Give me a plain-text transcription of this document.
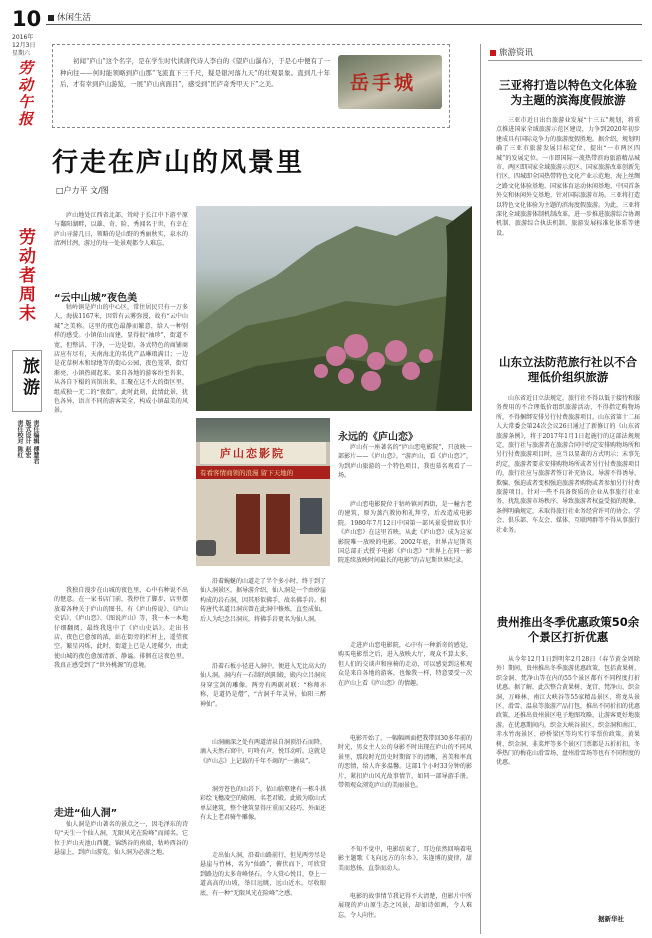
10 休闲生活
2016年
12月3日
星期六
劳动午报
劳动者周末
旅游
责任编辑 傅慧君
版式设计 赵宏
责任校对 陈红
初闻“庐山”这个名字，是在学生时代读唐代诗人李白的《望庐山瀑布》，于是心中便有了一种向往——何时能领略到庐山那“飞流直下三千尺，疑是银河落九天”的壮观景象。直到几十年后，才有幸到庐山游览，一展“庐山真面目”，感受到“匡庐奇秀甲天下”之美。	岳手城
行走在庐山的风景里
□户力平 文/图
庐山地处江西省北部，耸峙于长江中下游平原与鄱阳湖畔，以雄、奇、险、秀闻名于世，有幸在庐山寻游几日，领略的是山野的秀丽秋实，泉水的清冽甘洌，游过的每一处景观都令人难忘。
“云中山城”夜色美
牯岭镇是庐山的中心区，常住居民只有一万多人，海拔1167米，因常有云雾弥漫，故有“云中山城”之美称。这里的夜色最静而繁意，给人一种别样的感受。小镇依山而建，显得很“袖珍”，街道不宽，但整洁、干净，一边是街，各式特色的商铺商店应有尽有，天南海北的名优产品琳琅满目；一边是花草树木和绿地等的街心公园，夜色笼罩，街灯渐亮，小镇热闹起来。来自各地的游客纷至沓来，从各自下榻的宾馆出来，汇聚在这不大的街区里，组成独一无二的“夜街”，此时此刻，此情此景，犹色各异，语言不同的游客笑全，构成小镇最美的风景。
我独自漫步在山城的夜色里，心中有种说不出的惬意。在一家书店门前，我停住了脚步，店里摆放着各种关于庐山的图书，有《庐山传说》、《庐山史话》、《庐山恋》、《图说庐山》等，我一本一本地仔细翻阅，最终我选中了《庐山史话》。走出书店，夜色已愈加的浓，站在街旁的栏杆上，遥望夜空，繁星闪烁，此时，街道上已是人迹稀少，由此使山城的夜色愈加清新、静谧。徘徊在这夜色里，我真正感受到了“世外桃源”的意境。
走进“仙人洞”
仙人洞是庐山著名的景点之一，因毛泽东的诗句“天生一个仙人洞，无限风光在险峰”而闻名。它位于庐山天池山西麓，锦绣谷的南端，牯岭西谷的悬崖上，到庐山游览，仙人洞为必游之地。
庐山恋影院
有看客情商领的浪漫 留下天地的
沿着蜿蜒的山道走了半个多小时，终于到了仙人洞景区。据导游介绍，仙人洞是一个由砂崖构成的岩石洞，因其形似佛手，故名佛手岩。相传唐代名道吕洞宾曾在此洞中修炼，直至成仙，后人为纪念吕洞宾，将佛手岩更名为仙人洞。
沿着石板小径进入洞中，便进入无比高大的仙人洞。洞内有一石制的纯阳殿，殿内立吕洞宾身穿宝剑的雕像。两旁有两副对联：“称师亦称，是道仍是僧”，“古洞千年灵异，仙阳三醉神仙”。
山洞幽深之处有两道清泉自洞顶沿石而降，滴入天然石窝中，叮咚有声，悦耳动听。这就是《庐山志》上记载的千年不竭的“一滴泉”。
洞旁苍色的山岩下，依山临壑建有一栋斗拱彩绘飞檐凌空的殿阁，名老君殿。此殿为歇山式单层建筑，整个建筑显得庄重而又轻巧，外面还有太上老君骑牛雕像。
走出仙人洞，沿着山路前行，但见两旁尽是悬崖与竹林，名为“仙路”，俯伏而下，可欣赏到路边的太多奇峰怪石，令人赏心悦目，登上一道高高的山坡，举目远眺，远山近水，尽收眼底，有一种“无限风光在险峰”之感。
永远的《庐山恋》
庐山有一座著名的“庐山恋电影院”，只放映一部影片——《庐山恋》。“游庐山，看《庐山恋》”，为到庐山旅游的一个特色项目，我也慕名观看了一场。
庐山恋电影院位于牯岭镇河西街，是一幢古老的建筑，原为蒸汽教协和礼拜堂，后改造成电影院。1980年7月12日中国第一部风景爱情故事片《庐山恋》在这里首映，从此《庐山恋》成为这家影院唯一放映的电影。2002年底，世界吉尼斯英国总部正式授予电影《庐山恋》“世界上在同一影院连续放映时间最长的电影”的吉尼斯世界纪录。
走进庐山恋电影院，心中有一种新奇的感觉，购买电影票之后，进入放映大厅，观众不算太多，但人们的交谈声和座椅的走动，可以感觉到这栋观众是来自各地的游客，也像我一样，特意要受一次在庐山上看《庐山恋》的情趣。
电影开始了，一幅幅画面把我带回30多年前的时光，男女主人公的身影不时出现在庐山的不同风景里，那段时光历史时期留下的清晰，善美和率真的恋情，给人许多温馨。这部1个小时33分钟的影片，紧扣庐山风光故事情节，如同一部导游手册，带领观众浏览庐山的美丽景色。
不知不觉中，电影结束了，耳边依然回响着电影主题歌《飞向远方的尔乡》。朱逢博的旋律，甜美而悠扬，直拳而动人。
电影的故事情节我记得不大清楚，但影片中所展现的庐山原生态之风景，却如诗如画，令人难忘，令人向往。
旅游资讯
三亚将打造以特色文化体验为主题的滨海度假旅游
三亚市近日出台旅游业发展“十三五”规划，将重点推进国家全域旅游示范区建设，力争到2020年初步建成具有国际竞争力的旅游度假胜地。据介绍，规划明确了三亚市旅游发展目标定位，提出“一市两区四城”的发展定位。一市即国际一流热带滨海旅游精品城市，两区即国家全域旅游示范区、国家旅游改革创新先行区，四城即全国热带特色文化产业示范地、海上丝绸之路文化体验基地、国家体育运动休闲基地、中国首条外交和休闲外交基地、针对国际旅游市场。三亚将打造以特色文化体验为主题的滨海度假旅游。为此，三亚将深化全域旅游体制机制改革，进一步推进旅游综合协调机制、旅游综合执法机制、旅游发展标准化体系等建设。
山东立法防范旅行社以不合理低价组织旅游
山东省近日立法规定，旅行社不得以低于接待和服务费用的不合理低价组织旅游活动，不得指定购物场所，不得捆绑安排另行付费旅游项目。山东省第十二届人大常委会第24次会议26日通过了新修订的《山东省旅游条例》，将于2017年1月1日起施行的这部法规规定，旅行社与旅游者在旅游合同中约定安排购物场所和另行付费旅游项目时，应当以显著的方式明示；未事先约定，旅游者要求安排购物场所或者另行付费旅游项目的，旅行社应与旅游者签订补充协议。导游不得诱导、欺骗、强迫或者变相强迫旅游者购物或者参加另行付费旅游项目。针对一些不具备资质的企业从事旅行社业务，扰乱旅游市场秩序，导致旅游者权益受损的现象，条例明确规定，未取得旅行社业务经营许可的协会、学会、俱乐部、车友会、媒体、互联网群等不得从事旅行社业务。
贵州推出冬季优惠政策50余个景区打折优惠
从今年12月1日到明年2月28日（春节黄金周除外）期间，贵州推出冬季旅游优惠政策，包括黄果树、织金洞、梵净山等在内的55个景区都有不同程度打折优惠。据了解，此次整合黄果树、龙宫、梵净山、织金洞、万峰林、南江大峡谷等55家精品景区，将龙头景区、滑雪、温泉等旅游产品打包，推出不同折扣的优惠政策，还推出贵州景区电子地图攻略，让游客更好地旅游。在优惠期间内，织金大峡谷景区、织金洞和南江、赤水竹海景区、砂桥梁区等均实行零票价政策。黄果树、织金洞、韭菜坪等多个景区门票都是五折折扣，冬季热门的梅花山滑雪场、盘州滑雪场等也有不同程度的优惠。
据新华社
